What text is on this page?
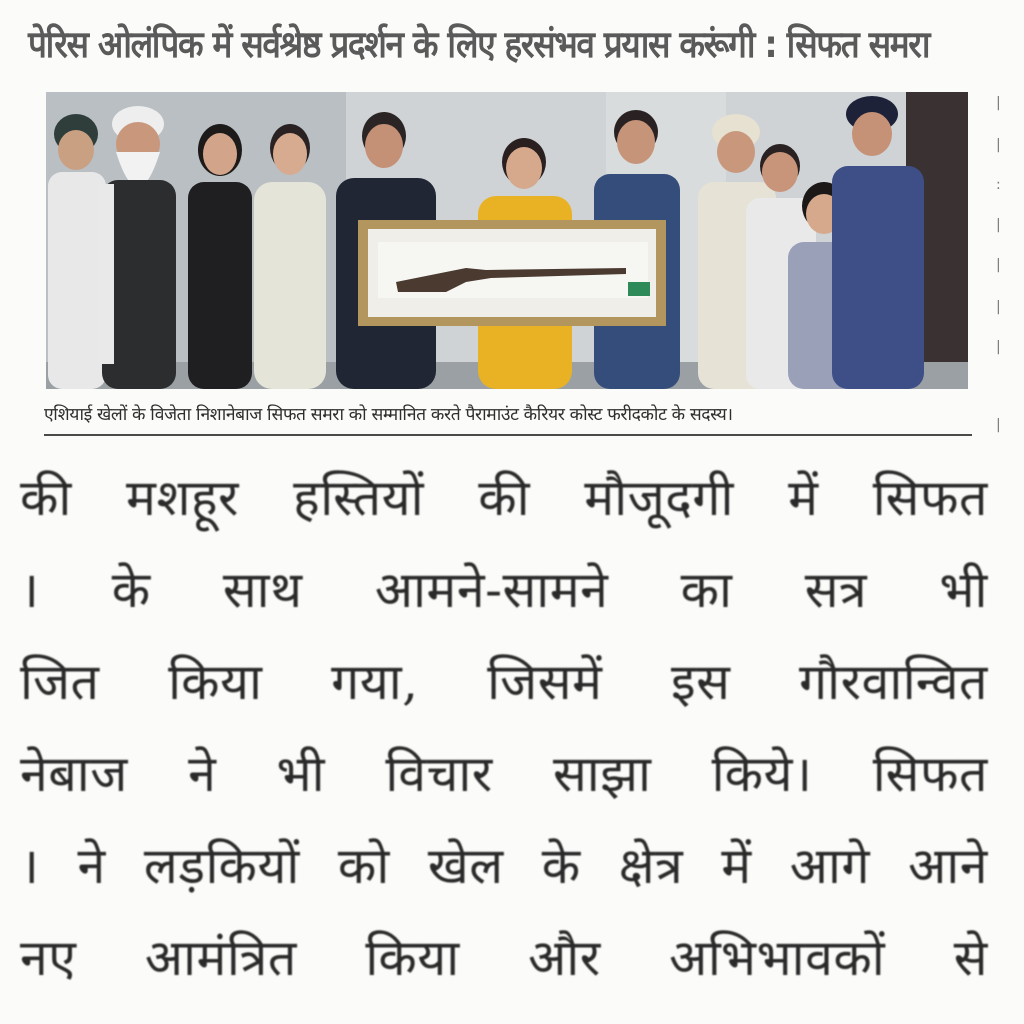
पेरिस ओलंपिक में सर्वश्रेष्ठ प्रदर्शन के लिए हरसंभव प्रयास करूंगी : सिफत समरा
एशियाई खेलों के विजेता निशानेबाज सिफत समरा को सम्मानित करते पैरामाउंट कैरियर कोस्ट फरीदकोट के सदस्य।
|
|
:
|
|
|
|
|
की मशहूर हस्तियों की मौजूदगी में सिफत
। के साथ आमने-सामने का सत्र भी
जित किया गया, जिसमें इस गौरवान्वित
नेबाज ने भी विचार साझा किये। सिफत
। ने लड़कियों को खेल के क्षेत्र में आगे आने
नए आमंत्रित किया और अभिभावकों से
